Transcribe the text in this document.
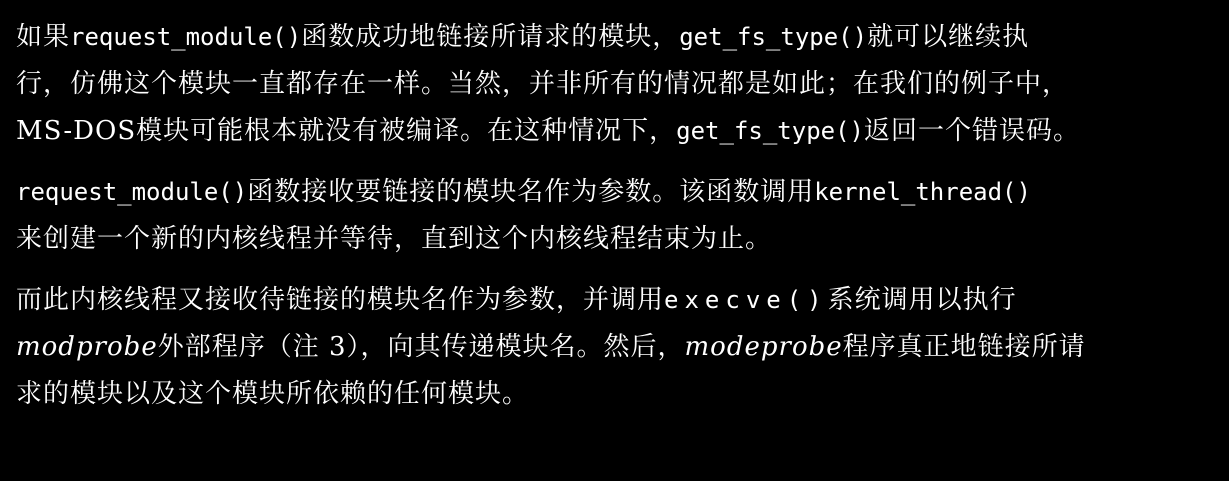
如果request_module()函数成功地链接所请求的模块，get_fs_type()就可以继续执
行，仿佛这个模块一直都存在一样。当然，并非所有的情况都是如此；在我们的例子中，
MS-DOS模块可能根本就没有被编译。在这种情况下，get_fs_type()返回一个错误码。

request_module()函数接收要链接的模块名作为参数。该函数调用kernel_thread()
来创建一个新的内核线程并等待，直到这个内核线程结束为止。

而此内核线程又接收待链接的模块名作为参数，并调用execve()系统调用以执行
modprobe外部程序（注 3），向其传递模块名。然后，modeprobe程序真正地链接所请
求的模块以及这个模块所依赖的任何模块。
